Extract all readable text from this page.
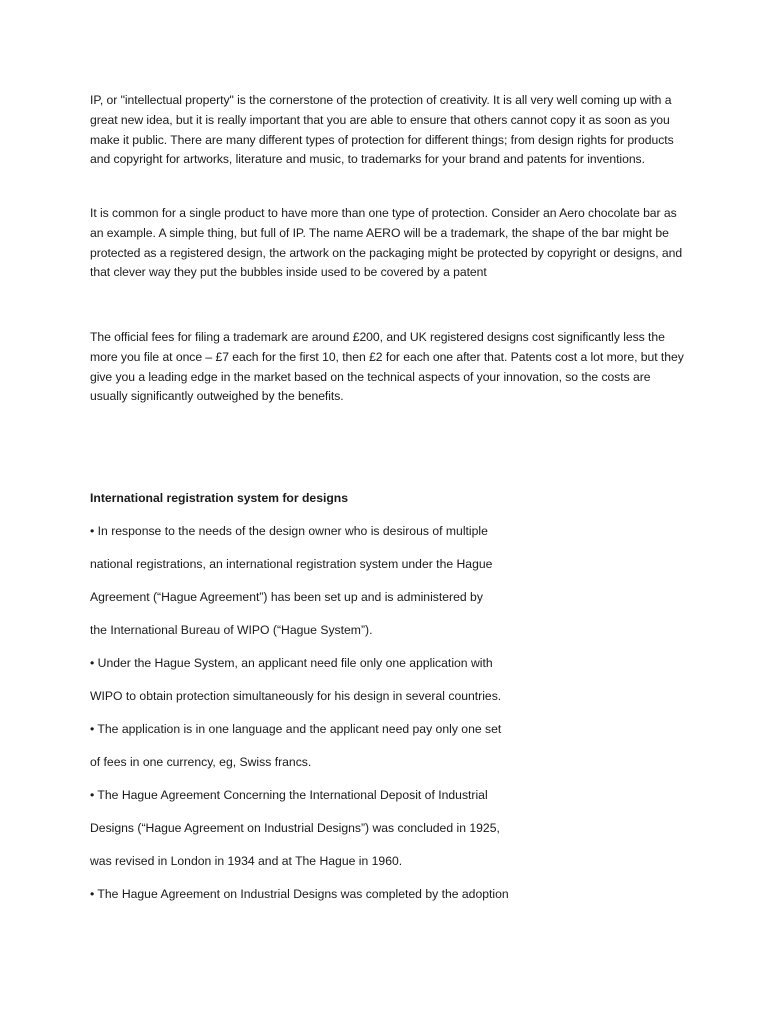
IP, or "intellectual property" is the cornerstone of the protection of creativity. It is all very well coming up with a great new idea, but it is really important that you are able to ensure that others cannot copy it as soon as you make it public. There are many different types of protection for different things; from design rights for products and copyright for artworks, literature and music, to trademarks for your brand and patents for inventions.

It is common for a single product to have more than one type of protection. Consider an Aero chocolate bar as an example. A simple thing, but full of IP. The name AERO will be a trademark, the shape of the bar might be protected as a registered design, the artwork on the packaging might be protected by copyright or designs, and that clever way they put the bubbles inside used to be covered by a patent

The official fees for filing a trademark are around £200, and UK registered designs cost significantly less the more you file at once – £7 each for the first 10, then £2 for each one after that. Patents cost a lot more, but they give you a leading edge in the market based on the technical aspects of your innovation, so the costs are usually significantly outweighed by the benefits.

International registration system for designs

• In response to the needs of the design owner who is desirous of multiple

national registrations, an international registration system under the Hague

Agreement (“Hague Agreement”) has been set up and is administered by

the International Bureau of WIPO (“Hague System”).

• Under the Hague System, an applicant need file only one application with

WIPO to obtain protection simultaneously for his design in several countries.

• The application is in one language and the applicant need pay only one set

of fees in one currency, eg, Swiss francs.

• The Hague Agreement Concerning the International Deposit of Industrial

Designs (“Hague Agreement on Industrial Designs”) was concluded in 1925,

was revised in London in 1934 and at The Hague in 1960.

• The Hague Agreement on Industrial Designs was completed by the adoption
